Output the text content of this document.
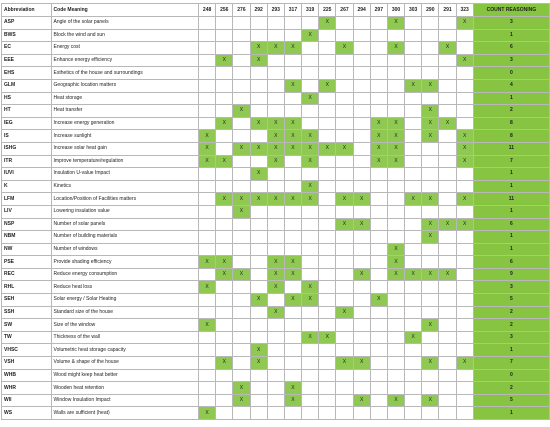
Abbreviation	Code Meaning	248	256	276	292	293	317	319	225	267	294	297	300	303	290	291	323	COUNT REASONING
ASP	Angle of the solar panels								X				X				X	3
BWS	Block the wind and sun							X										1
EC	Energy cost				X	X	X			X			X			X		6
EEE	Enhance energy efficiency		X		X												X	3
EHS	Esthetics of the house and surroundings																	0
GLM	Geographic location matters						X		X					X	X			4
HS	Heat storage							X										1
HT	Heat transfer			X											X			2
IEG	Increase energy generation		X		X	X	X					X	X		X	X		8
IS	Increase sunlight	X				X	X	X				X	X		X		X	8
ISHG	Increase solar heat gain	X		X	X	X	X	X	X	X		X	X				X	11
ITR	Improve temperature/regulation	X	X			X		X				X	X				X	7
IUVI	Insulation U-value Impact				X													1
K	Kinetics							X										1
LFM	Location/Position of Facilities matters		X	X	X	X	X	X		X	X			X	X		X	11
LIV	Lowering insulation value			X														1
NSP	Number of solar panels									X	X				X	X	X	6
NBM	Number of building materials														X			1
NW	Number of windows												X					1
PSE	Provide shading efficiency	X	X			X	X						X					6
REC	Reduce energy consumption		X	X		X	X				X		X	X	X	X		9
RHL	Reduce heat loss	X				X		X										3
SEH	Solar energy / Solar Heating				X		X	X				X						5
SSH	Standard size of the house					X				X								2
SW	Size of the window	X													X			2
TW	Thickness of the wall							X	X					X				3
VHSC	Volumetric heat storage capacity				X													1
VSH	Volume & shape of the house		X		X					X	X				X		X	7
WHB	Wood might keep heat better																	0
WHR	Wooden heat retention			X			X											2
WII	Window Insulation Impact			X			X				X		X		X			5
WS	Walls are sufficient (heat)	X																1
